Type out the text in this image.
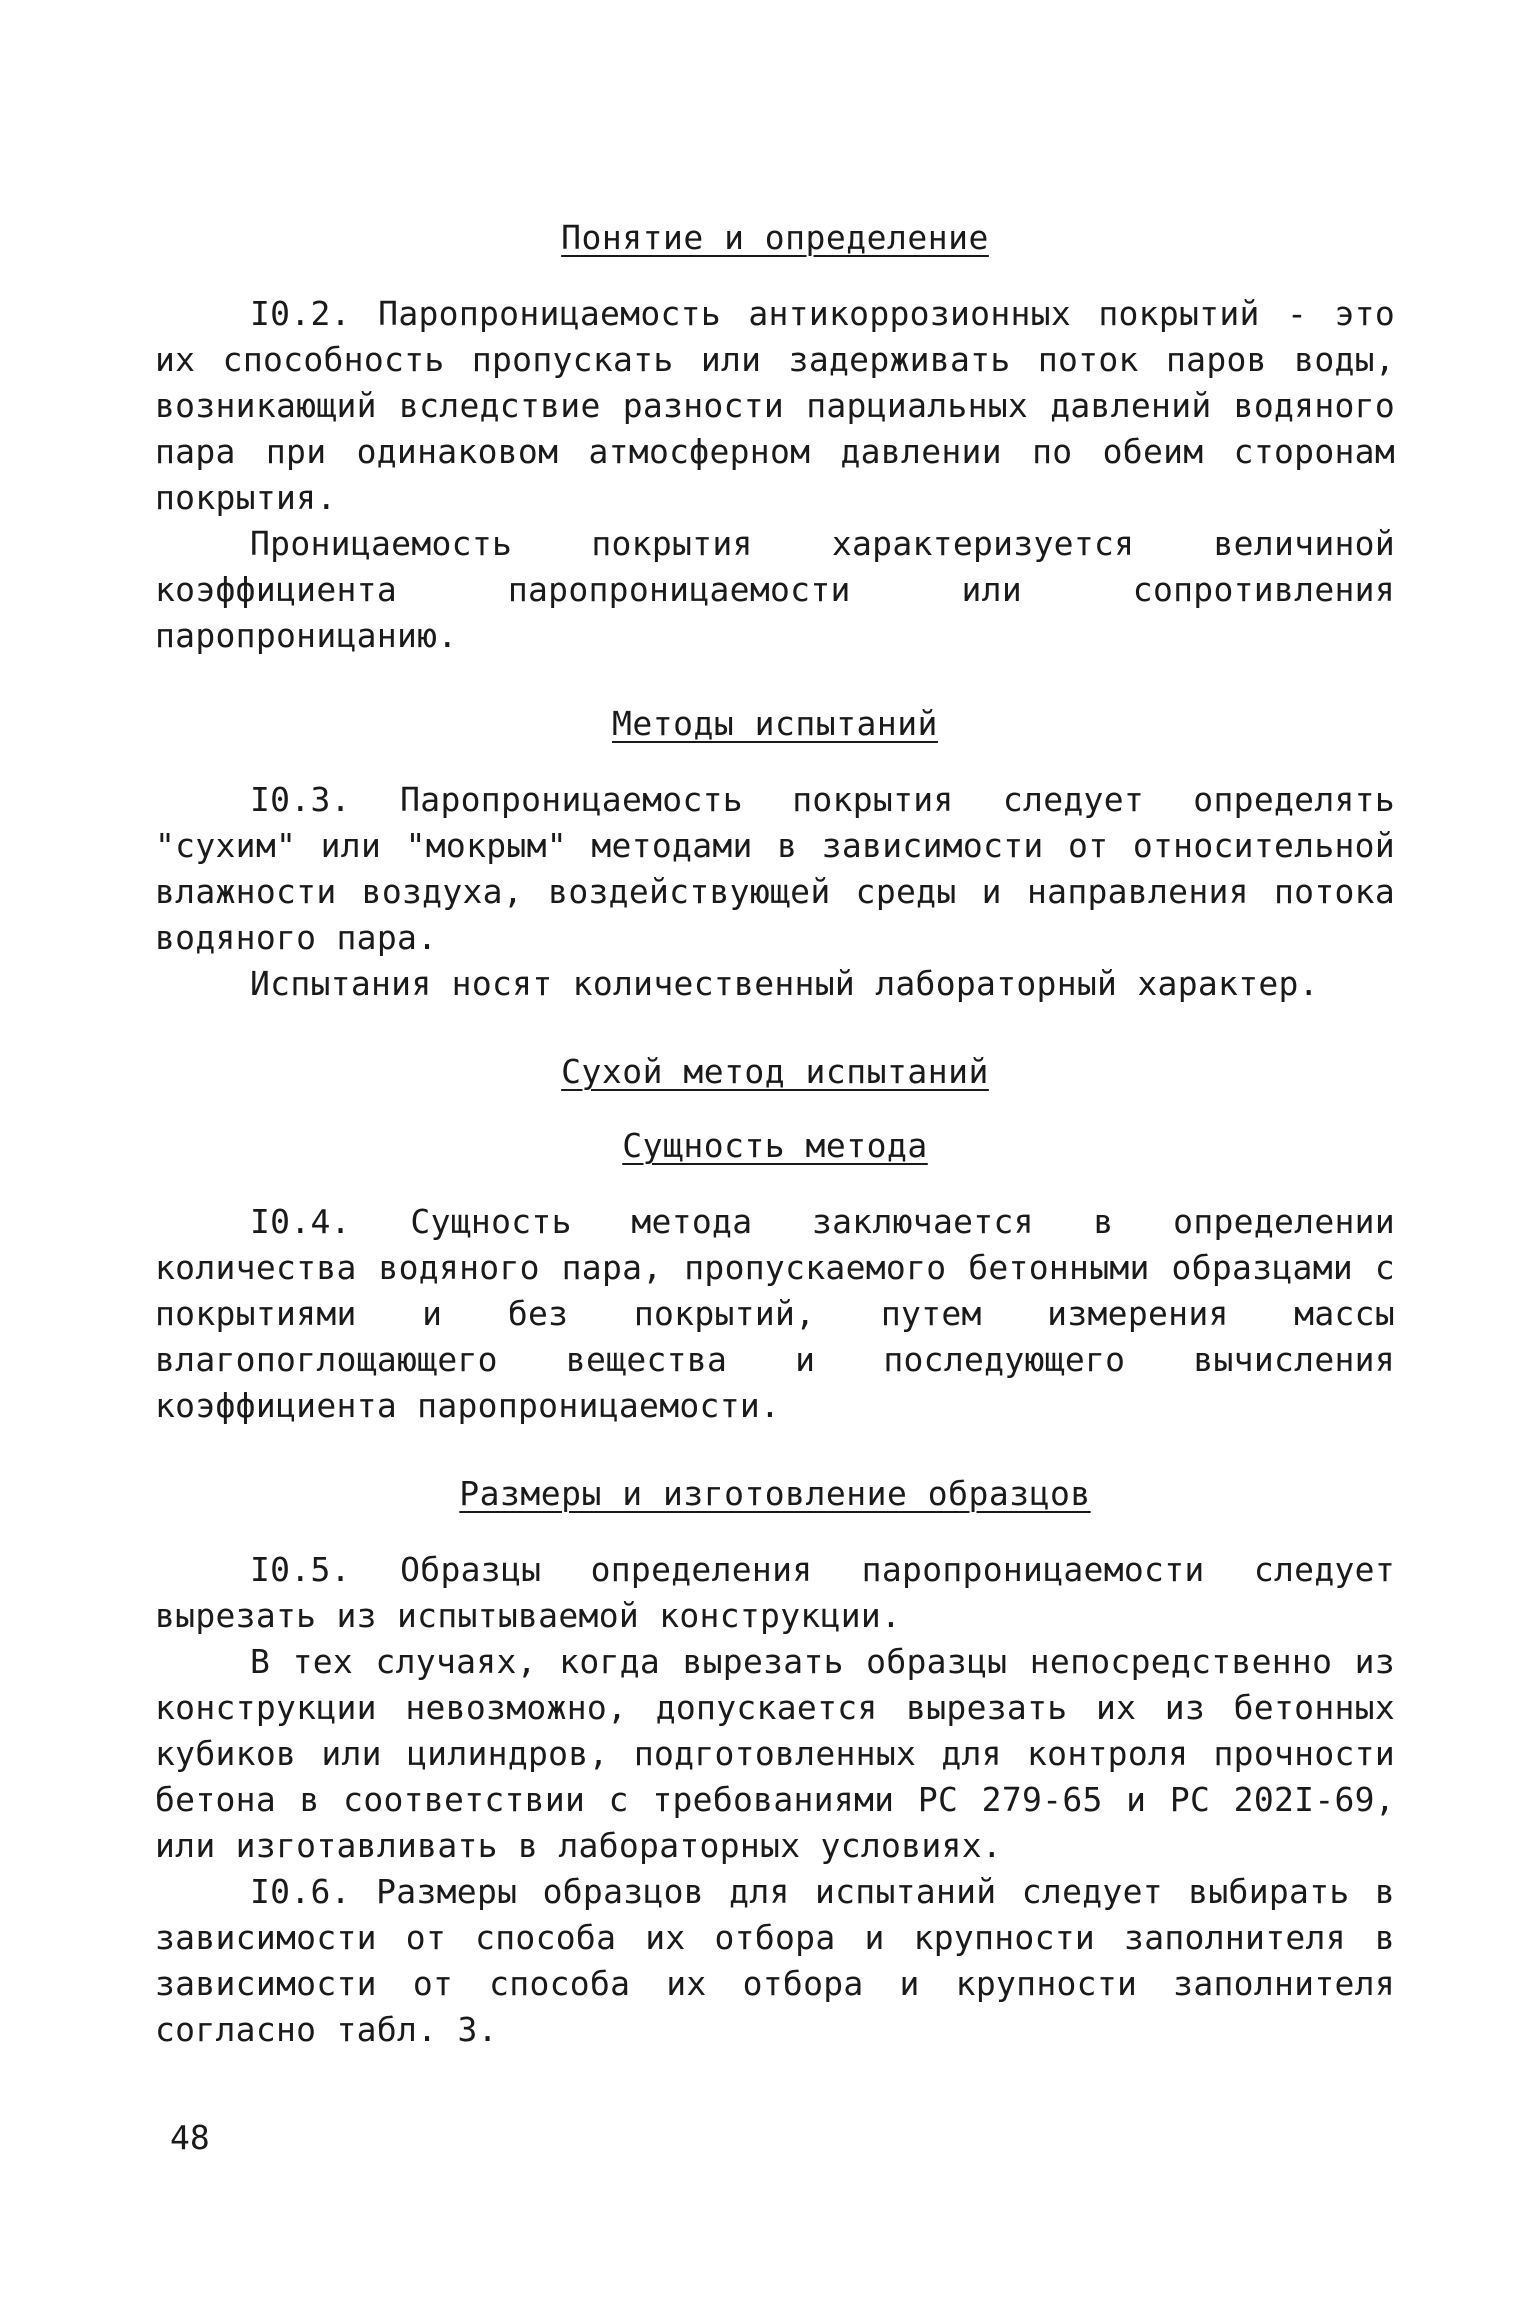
Понятие и определение

I0.2. Паропроницаемость антикоррозионных покрытий - это их способность пропускать или задерживать поток паров воды, возникающий вследствие разности парциальных давлений водяного пара при одинаковом атмосферном давлении по обеим сторонам покрытия.

Проницаемость покрытия характеризуется величиной коэффициента паропроницаемости или сопротивления паропроницанию.

Методы испытаний

I0.3. Паропроницаемость покрытия следует определять "сухим" или "мокрым" методами в зависимости от относительной влажности воздуха, воздействующей среды и направления потока водяного пара.

Испытания носят количественный лабораторный характер.

Сухой метод испытаний

Сущность метода

I0.4. Сущность метода заключается в определении количества водяного пара, пропускаемого бетонными образцами с покрытиями и без покрытий, путем измерения массы влагопоглощающего вещества и последующего вычисления коэффициента паропроницаемости.

Размеры и изготовление образцов

I0.5. Образцы определения паропроницаемости следует вырезать из испытываемой конструкции.

В тех случаях, когда вырезать образцы непосредственно из конструкции невозможно, допускается вырезать их из бетонных кубиков или цилиндров, подготовленных для контроля прочности бетона в соответствии с требованиями РС 279-65 и РС 202I-69, или изготавливать в лабораторных условиях.

I0.6. Размеры образцов для испытаний следует выбирать в зависимости от способа их отбора и крупности заполнителя в зависимости от способа их отбора и крупности заполнителя согласно табл. 3.

48
